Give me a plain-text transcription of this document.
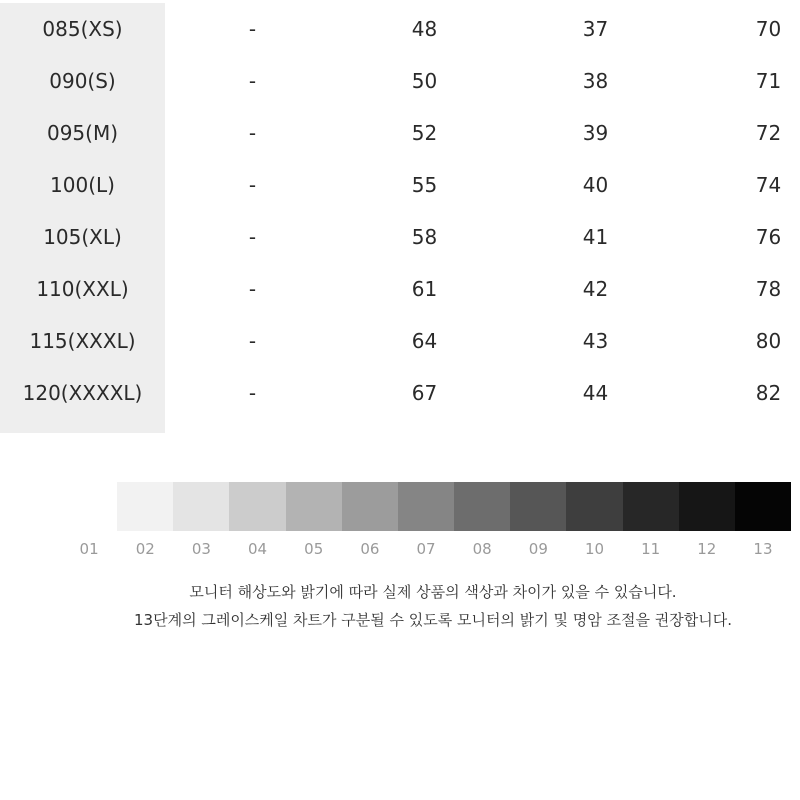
085(XS)	-	48	37	70
090(S)	-	50	38	71
095(M)	-	52	39	72
100(L)	-	55	40	74
105(XL)	-	58	41	76
110(XXL)	-	61	42	78
115(XXXL)	-	64	43	80
120(XXXXL)	-	67	44	82
01	02	03	04	05	06	07	08	09	10	11	12	13
모니터 해상도와 밝기에 따라 실제 상품의 색상과 차이가 있을 수 있습니다.
13단계의 그레이스케일 차트가 구분될 수 있도록 모니터의 밝기 및 명암 조절을 권장합니다.
